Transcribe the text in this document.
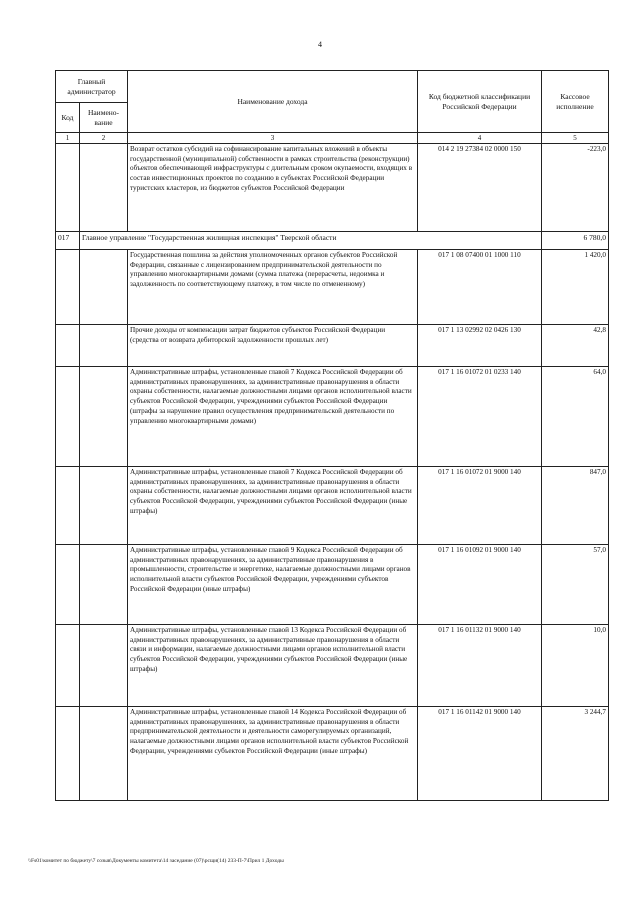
4
Главный администратор		Наименование дохода	Код бюджетной классификации Российской Федерации	Кассовое исполнение
Код	Наимено-вание			
1	2	3	4	5
		Возврат остатков субсидий на софинансирование капитальных вложений в объекты государственной (муниципальной) собственности в рамках строительства (реконструкции) объектов обеспечивающей инфраструктуры с длительным сроком окупаемости, входящих в состав инвестиционных проектов по созданию в субъектах Российской Федерации туристских кластеров, из бюджетов субъектов Российской Федерации	014 2 19 27384 02 0000 150	-223,0
017	Главное управление "Государственная жилищная инспекция" Тверской области			6 780,0
		Государственная пошлина за действия уполномоченных органов субъектов Российской Федерации, связанные с лицензированием предпринимательской деятельности по управлению многоквартирными домами (сумма платежа (перерасчеты, недоимка и задолженность по соответствующему платежу, в том числе по отмененному)	017 1 08 07400 01 1000 110	1 420,0
		Прочие доходы от компенсации затрат бюджетов субъектов Российской Федерации (средства от возврата дебиторской задолженности прошлых лет)	017 1 13 02992 02 0426 130	42,8
		Административные штрафы, установленные главой 7 Кодекса Российской Федерации об административных правонарушениях, за административные правонарушения в области охраны собственности, налагаемые должностными лицами органов исполнительной власти субъектов Российской Федерации, учреждениями субъектов Российской Федерации (штрафы за нарушение правил осуществления предпринимательской деятельности по управлению многоквартирными домами)	017 1 16 01072 01 0233 140	64,0
		Административные штрафы, установленные главой 7 Кодекса Российской Федерации об административных правонарушениях, за административные правонарушения в области охраны собственности, налагаемые должностными лицами органов исполнительной власти субъектов Российской Федерации, учреждениями субъектов Российской Федерации (иные штрафы)	017 1 16 01072 01 9000 140	847,0
		Административные штрафы, установленные главой 9 Кодекса Российской Федерации об административных правонарушениях, за административные правонарушения в промышленности, строительстве и энергетике, налагаемые должностными лицами органов исполнительной власти субъектов Российской Федерации, учреждениями субъектов Российской Федерации (иные штрафы)	017 1 16 01092 01 9000 140	57,0
		Административные штрафы, установленные главой 13 Кодекса Российской Федерации об административных правонарушениях, за административные правонарушения в области связи и информации, налагаемые должностными лицами органов исполнительной власти субъектов Российской Федерации, учреждениями субъектов Российской Федерации (иные штрафы)	017 1 16 01132 01 9000 140	10,0
		Административные штрафы, установленные главой 14 Кодекса Российской Федерации об административных правонарушениях, за административные правонарушения в области предпринимательской деятельности и деятельности саморегулируемых организаций, налагаемые должностными лицами органов исполнительной власти субъектов Российской Федерации, учреждениями субъектов Российской Федерации (иные штрафы)	017 1 16 01142 01 9000 140	3 244,7
\\Fs01\комитет по бюджету\7 созыв\Документы комитета\14 заседание (07)\рсщи(14) 233-П-7\Прил 1 Доходы
